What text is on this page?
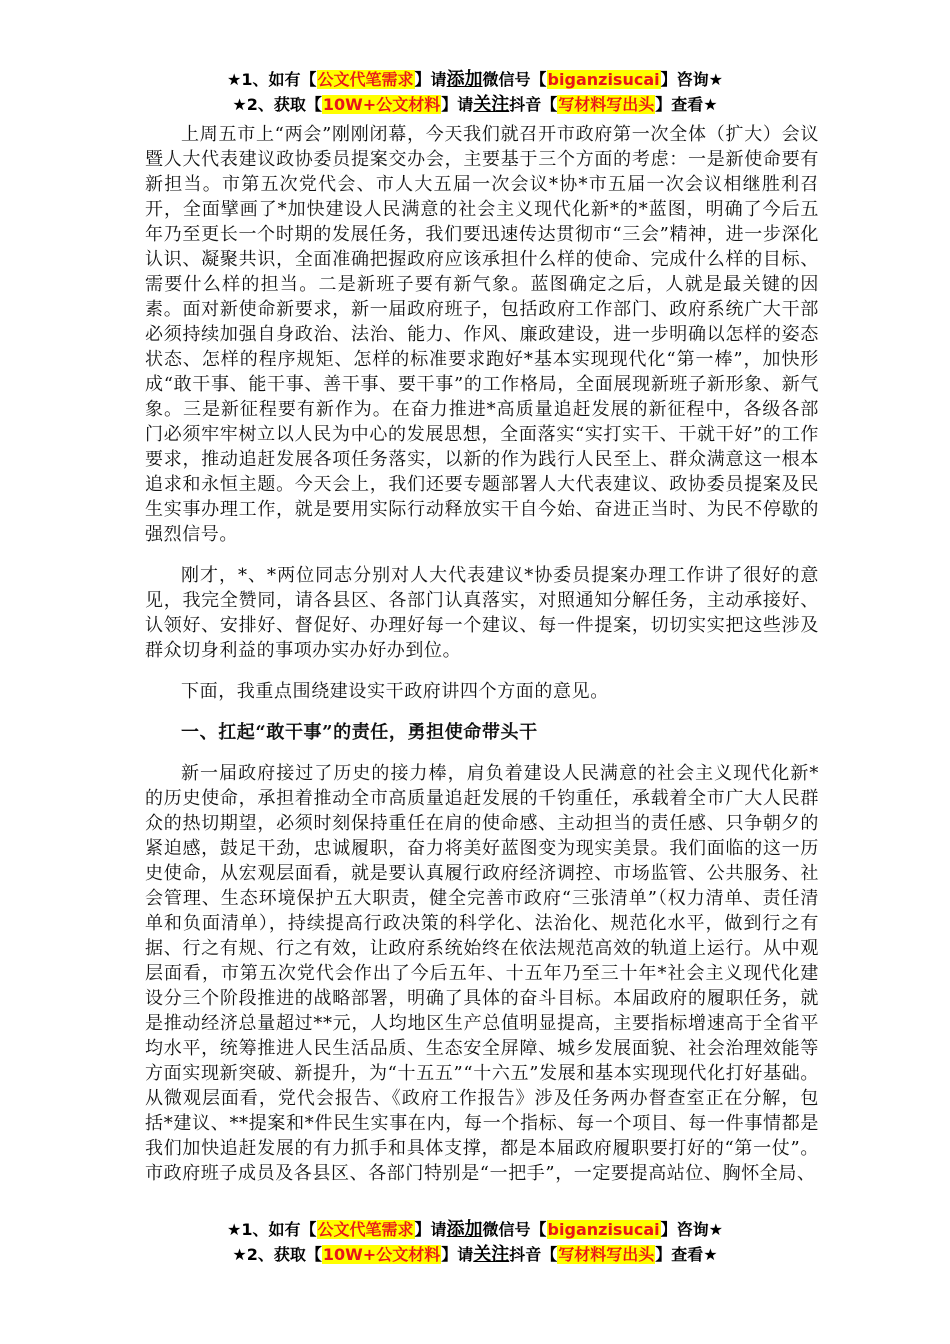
★1、如有【公文代笔需求】请添加微信号【biganzisucai】咨询★
★2、获取【10W+公文材料】请关注抖音【写材料写出头】查看★

上周五市上“两会”刚刚闭幕，今天我们就召开市政府第一次全体（扩大）会议暨人大代表建议政协委员提案交办会，主要基于三个方面的考虑：一是新使命要有新担当。市第五次党代会、市人大五届一次会议*协*市五届一次会议相继胜利召开，全面擘画了*加快建设人民满意的社会主义现代化新*的*蓝图，明确了今后五年乃至更长一个时期的发展任务，我们要迅速传达贯彻市“三会”精神，进一步深化认识、凝聚共识，全面准确把握政府应该承担什么样的使命、完成什么样的目标、需要什么样的担当。二是新班子要有新气象。蓝图确定之后，人就是最关键的因素。面对新使命新要求，新一届政府班子，包括政府工作部门、政府系统广大干部必须持续加强自身政治、法治、能力、作风、廉政建设，进一步明确以怎样的姿态状态、怎样的程序规矩、怎样的标准要求跑好*基本实现现代化“第一棒”，加快形成“敢干事、能干事、善干事、要干事”的工作格局，全面展现新班子新形象、新气象。三是新征程要有新作为。在奋力推进*高质量追赶发展的新征程中，各级各部门必须牢牢树立以人民为中心的发展思想，全面落实“实打实干、干就干好”的工作要求，推动追赶发展各项任务落实，以新的作为践行人民至上、群众满意这一根本追求和永恒主题。今天会上，我们还要专题部署人大代表建议、政协委员提案及民生实事办理工作，就是要用实际行动释放实干自今始、奋进正当时、为民不停歇的强烈信号。

刚才，*、*两位同志分别对人大代表建议*协委员提案办理工作讲了很好的意见，我完全赞同，请各县区、各部门认真落实，对照通知分解任务，主动承接好、认领好、安排好、督促好、办理好每一个建议、每一件提案，切切实实把这些涉及群众切身利益的事项办实办好办到位。

下面，我重点围绕建设实干政府讲四个方面的意见。

一、扛起“敢干事”的责任，勇担使命带头干

新一届政府接过了历史的接力棒，肩负着建设人民满意的社会主义现代化新*的历史使命，承担着推动全市高质量追赶发展的千钧重任，承载着全市广大人民群众的热切期望，必须时刻保持重任在肩的使命感、主动担当的责任感、只争朝夕的紧迫感，鼓足干劲，忠诚履职，奋力将美好蓝图变为现实美景。我们面临的这一历史使命，从宏观层面看，就是要认真履行政府经济调控、市场监管、公共服务、社会管理、生态环境保护五大职责，健全完善市政府“三张清单”（权力清单、责任清单和负面清单），持续提高行政决策的科学化、法治化、规范化水平，做到行之有据、行之有规、行之有效，让政府系统始终在依法规范高效的轨道上运行。从中观层面看，市第五次党代会作出了今后五年、十五年乃至三十年*社会主义现代化建设分三个阶段推进的战略部署，明确了具体的奋斗目标。本届政府的履职任务，就是推动经济总量超过**元，人均地区生产总值明显提高，主要指标增速高于全省平均水平，统筹推进人民生活品质、生态安全屏障、城乡发展面貌、社会治理效能等方面实现新突破、新提升，为“十五五”“十六五”发展和基本实现现代化打好基础。从微观层面看，党代会报告、《政府工作报告》涉及任务两办督查室正在分解，包括*建议、**提案和*件民生实事在内，每一个指标、每一个项目、每一件事情都是我们加快追赶发展的有力抓手和具体支撑，都是本届政府履职要打好的“第一仗”。市政府班子成员及各县区、各部门特别是“一把手”，一定要提高站位、胸怀全局、

★1、如有【公文代笔需求】请添加微信号【biganzisucai】咨询★
★2、获取【10W+公文材料】请关注抖音【写材料写出头】查看★
